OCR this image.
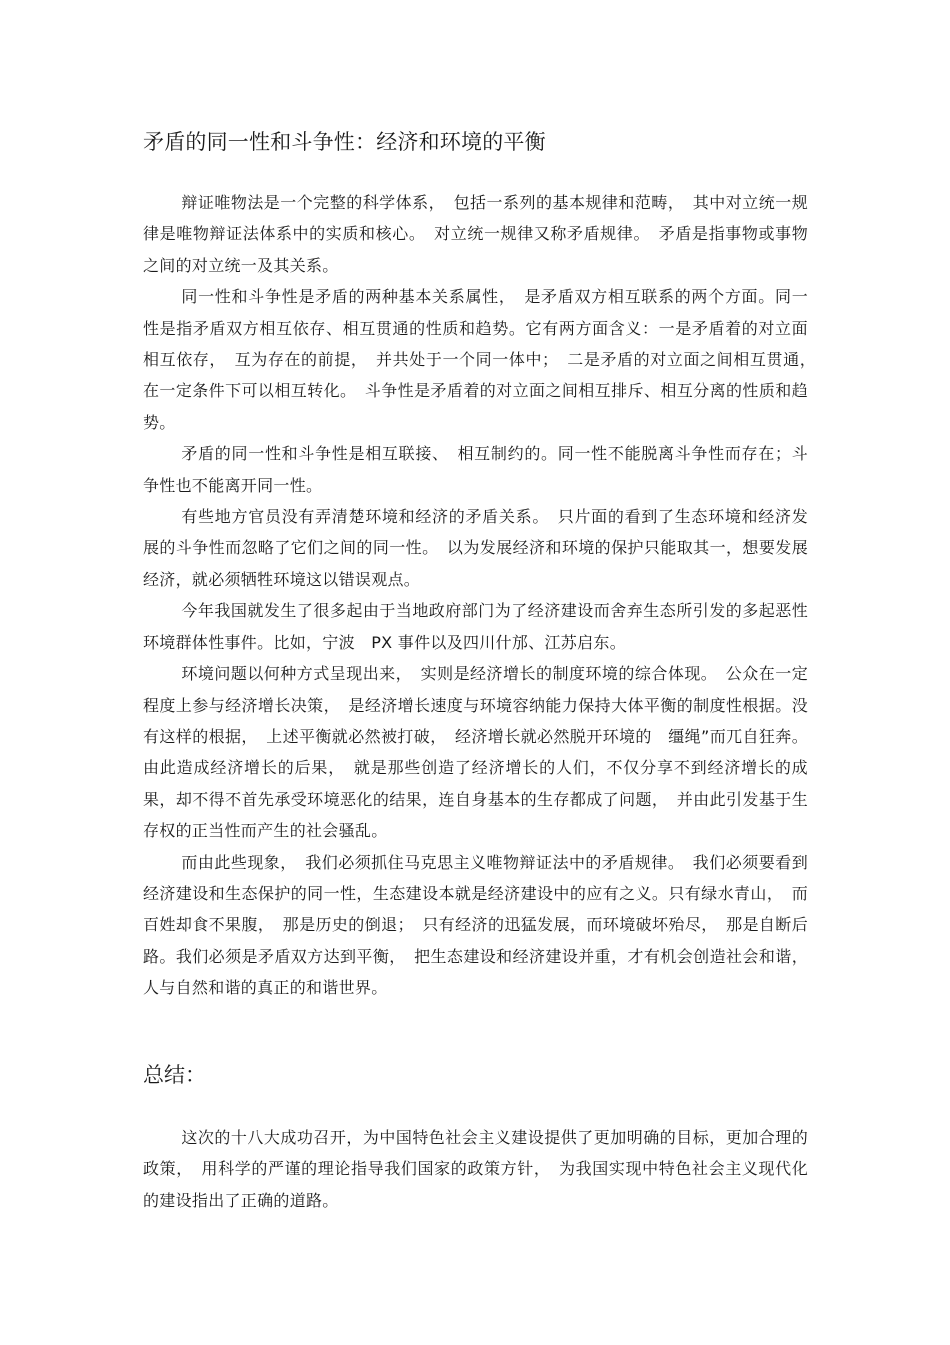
矛盾的同一性和斗争性：经济和环境的平衡

辩证唯物法是一个完整的科学体系，　包括一系列的基本规律和范畴，　其中对立统一规律是唯物辩证法体系中的实质和核心。　对立统一规律又称矛盾规律。　矛盾是指事物或事物之间的对立统一及其关系。

同一性和斗争性是矛盾的两种基本关系属性，　是矛盾双方相互联系的两个方面。同一性是指矛盾双方相互依存、相互贯通的性质和趋势。它有两方面含义：一是矛盾着的对立面相互依存，　互为存在的前提，　并共处于一个同一体中；　二是矛盾的对立面之间相互贯通，　在一定条件下可以相互转化。　斗争性是矛盾着的对立面之间相互排斥、相互分离的性质和趋势。

矛盾的同一性和斗争性是相互联接、　相互制约的。同一性不能脱离斗争性而存在；斗争性也不能离开同一性。

有些地方官员没有弄清楚环境和经济的矛盾关系。　只片面的看到了生态环境和经济发展的斗争性而忽略了它们之间的同一性。　以为发展经济和环境的保护只能取其一，想要发展经济，就必须牺牲环境这以错误观点。

今年我国就发生了很多起由于当地政府部门为了经济建设而舍弃生态所引发的多起恶性环境群体性事件。比如，宁波　PX 事件以及四川什邡、江苏启东。

环境问题以何种方式呈现出来，　实则是经济增长的制度环境的综合体现。　公众在一定程度上参与经济增长决策，　是经济增长速度与环境容纳能力保持大体平衡的制度性根据。没有这样的根据，　上述平衡就必然被打破，　经济增长就必然脱开环境的　缰绳”而兀自狂奔。由此造成经济增长的后果，　就是那些创造了经济增长的人们，不仅分享不到经济增长的成果，却不得不首先承受环境恶化的结果，连自身基本的生存都成了问题，　并由此引发基于生存权的正当性而产生的社会骚乱。

而由此些现象，　我们必须抓住马克思主义唯物辩证法中的矛盾规律。　我们必须要看到经济建设和生态保护的同一性，生态建设本就是经济建设中的应有之义。只有绿水青山，　而百姓却食不果腹，　那是历史的倒退；　只有经济的迅猛发展，而环境破坏殆尽，　那是自断后路。我们必须是矛盾双方达到平衡，　把生态建设和经济建设并重，才有机会创造社会和谐，人与自然和谐的真正的和谐世界。

总结：

这次的十八大成功召开，为中国特色社会主义建设提供了更加明确的目标，更加合理的政策，　用科学的严谨的理论指导我们国家的政策方针，　为我国实现中特色社会主义现代化的建设指出了正确的道路。
